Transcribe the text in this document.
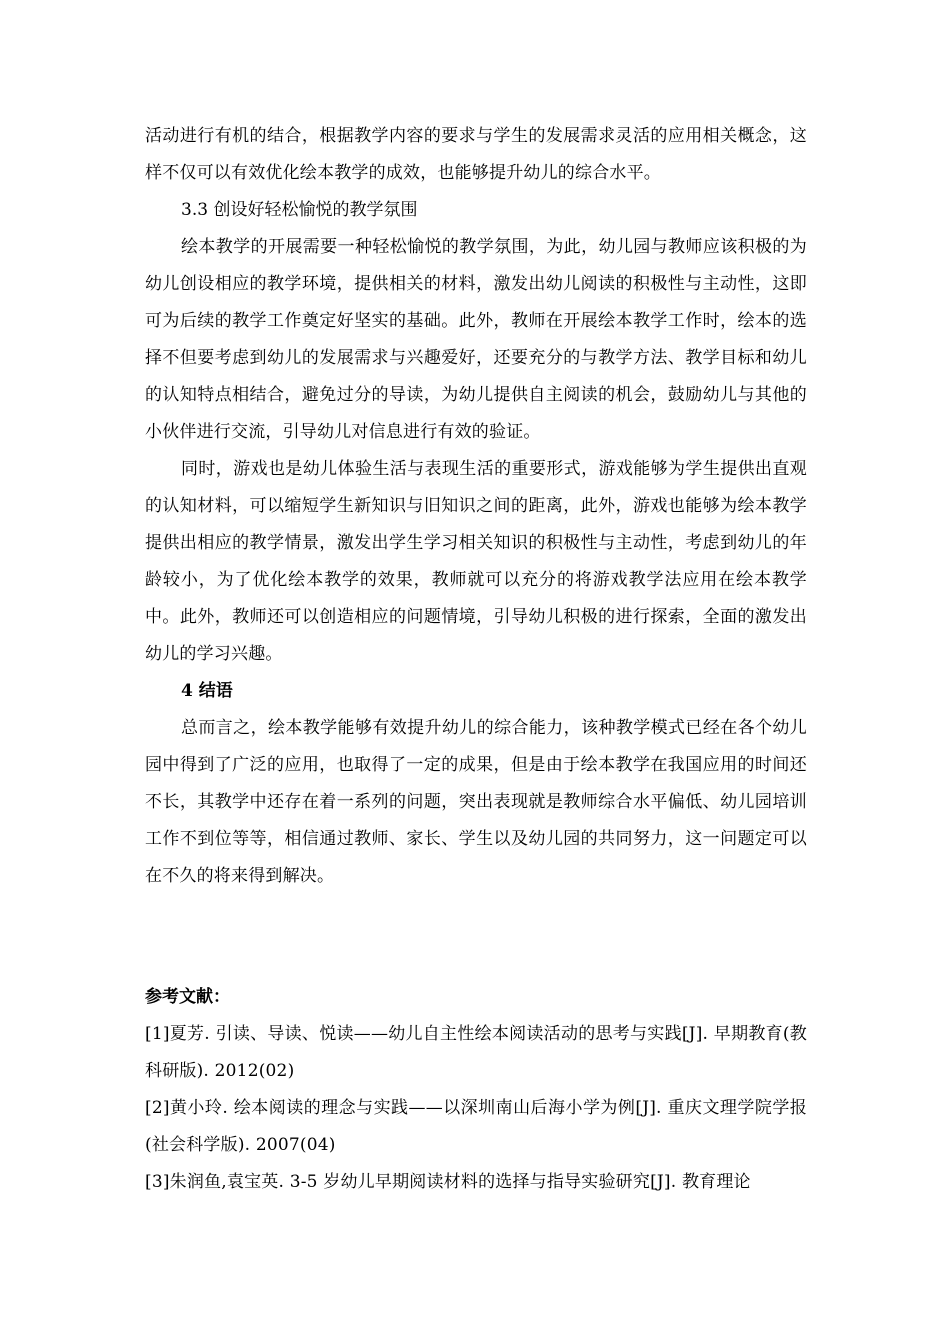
活动进行有机的结合，根据教学内容的要求与学生的发展需求灵活的应用相关概念，这样不仅可以有效优化绘本教学的成效，也能够提升幼儿的综合水平。

3.3 创设好轻松愉悦的教学氛围

绘本教学的开展需要一种轻松愉悦的教学氛围，为此，幼儿园与教师应该积极的为幼儿创设相应的教学环境，提供相关的材料，激发出幼儿阅读的积极性与主动性，这即可为后续的教学工作奠定好坚实的基础。此外，教师在开展绘本教学工作时，绘本的选择不但要考虑到幼儿的发展需求与兴趣爱好，还要充分的与教学方法、教学目标和幼儿的认知特点相结合，避免过分的导读，为幼儿提供自主阅读的机会，鼓励幼儿与其他的小伙伴进行交流，引导幼儿对信息进行有效的验证。

同时，游戏也是幼儿体验生活与表现生活的重要形式，游戏能够为学生提供出直观的认知材料，可以缩短学生新知识与旧知识之间的距离，此外，游戏也能够为绘本教学提供出相应的教学情景，激发出学生学习相关知识的积极性与主动性，考虑到幼儿的年龄较小，为了优化绘本教学的效果，教师就可以充分的将游戏教学法应用在绘本教学中。此外，教师还可以创造相应的问题情境，引导幼儿积极的进行探索，全面的激发出幼儿的学习兴趣。

4 结语

总而言之，绘本教学能够有效提升幼儿的综合能力，该种教学模式已经在各个幼儿园中得到了广泛的应用，也取得了一定的成果，但是由于绘本教学在我国应用的时间还不长，其教学中还存在着一系列的问题，突出表现就是教师综合水平偏低、幼儿园培训工作不到位等等，相信通过教师、家长、学生以及幼儿园的共同努力，这一问题定可以在不久的将来得到解决。

参考文献：

[1]夏芳. 引读、导读、悦读——幼儿自主性绘本阅读活动的思考与实践[J]. 早期教育(教科研版). 2012(02)

[2]黄小玲. 绘本阅读的理念与实践——以深圳南山后海小学为例[J]. 重庆文理学院学报(社会科学版). 2007(04)

[3]朱润鱼,袁宝英. 3-5 岁幼儿早期阅读材料的选择与指导实验研究[J]. 教育理论
